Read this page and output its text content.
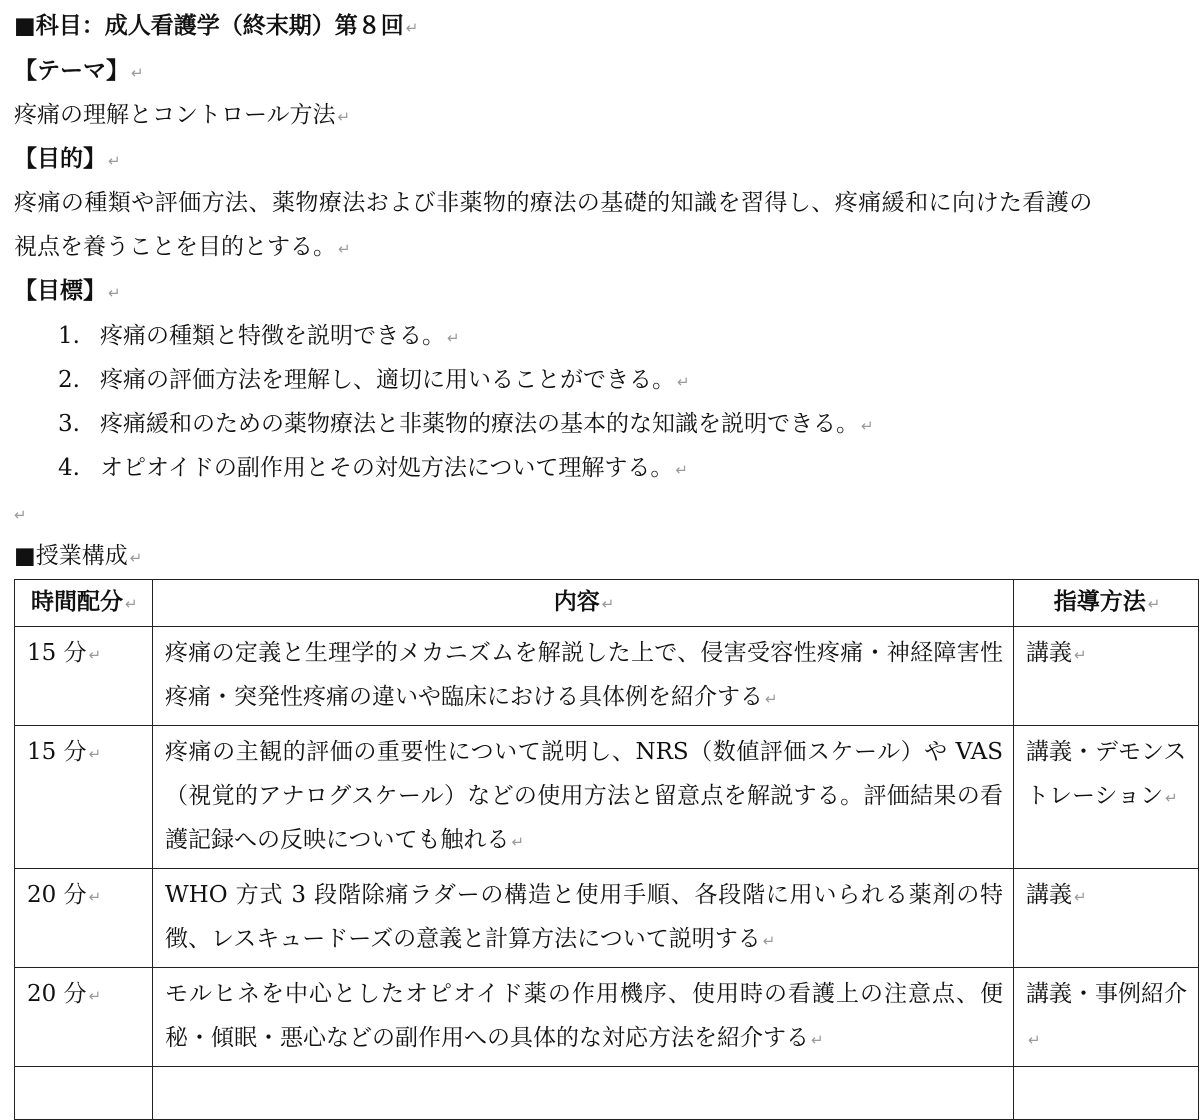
■科目：成人看護学（終末期）第８回 ↵
【テーマ】 ↵
疼痛の理解とコントロール方法 ↵
【目的】 ↵
疼痛の種類や評価方法、薬物療法および非薬物的療法の基礎的知識を習得し、疼痛緩和に向けた看護の
視点を養うことを目的とする。 ↵
【目標】 ↵
1. 疼痛の種類と特徴を説明できる。 ↵
2. 疼痛の評価方法を理解し、適切に用いることができる。 ↵
3. 疼痛緩和のための薬物療法と非薬物的療法の基本的な知識を説明できる。 ↵
4. オピオイドの副作用とその対処方法について理解する。 ↵
↵
■授業構成 ↵
時間配分 ↵	内容 ↵	指導方法 ↵
15 分 ↵	疼痛の定義と生理学的メカニズムを解説した上で、侵害受容性疼痛・神経障害性疼痛・突発性疼痛の違いや臨床における具体例を紹介する ↵	講義 ↵
15 分 ↵	疼痛の主観的評価の重要性について説明し、NRS（数値評価スケール）や VAS（視覚的アナログスケール）などの使用方法と留意点を解説する。評価結果の看護記録への反映についても触れる ↵	講義・デモンストレーション ↵
20 分 ↵	WHO 方式 3 段階除痛ラダーの構造と使用手順、各段階に用いられる薬剤の特徴、レスキュードーズの意義と計算方法について説明する ↵	講義 ↵
20 分 ↵	モルヒネを中心としたオピオイド薬の作用機序、使用時の看護上の注意点、便秘・傾眠・悪心などの副作用への具体的な対応方法を紹介する ↵	講義・事例紹介↵
